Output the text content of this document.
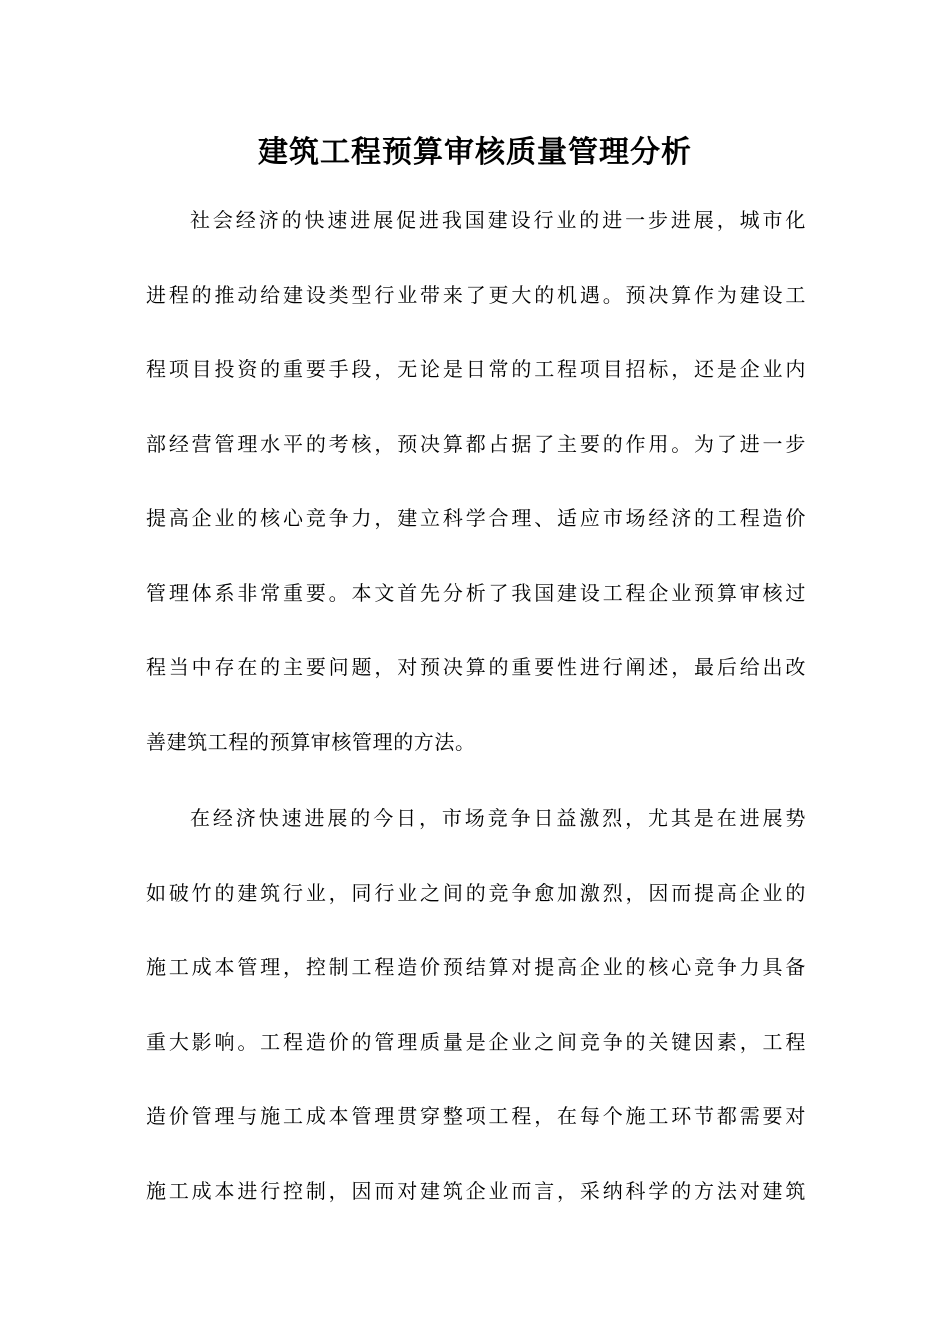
建筑工程预算审核质量管理分析
社会经济的快速进展促进我国建设行业的进一步进展，城市化
进程的推动给建设类型行业带来了更大的机遇。预决算作为建设工
程项目投资的重要手段，无论是日常的工程项目招标，还是企业内
部经营管理水平的考核，预决算都占据了主要的作用。为了进一步
提高企业的核心竞争力，建立科学合理、适应市场经济的工程造价
管理体系非常重要。本文首先分析了我国建设工程企业预算审核过
程当中存在的主要问题，对预决算的重要性进行阐述，最后给出改
善建筑工程的预算审核管理的方法。
在经济快速进展的今日，市场竞争日益激烈，尤其是在进展势
如破竹的建筑行业，同行业之间的竞争愈加激烈，因而提高企业的
施工成本管理，控制工程造价预结算对提高企业的核心竞争力具备
重大影响。工程造价的管理质量是企业之间竞争的关键因素，工程
造价管理与施工成本管理贯穿整项工程，在每个施工环节都需要对
施工成本进行控制，因而对建筑企业而言，采纳科学的方法对建筑
